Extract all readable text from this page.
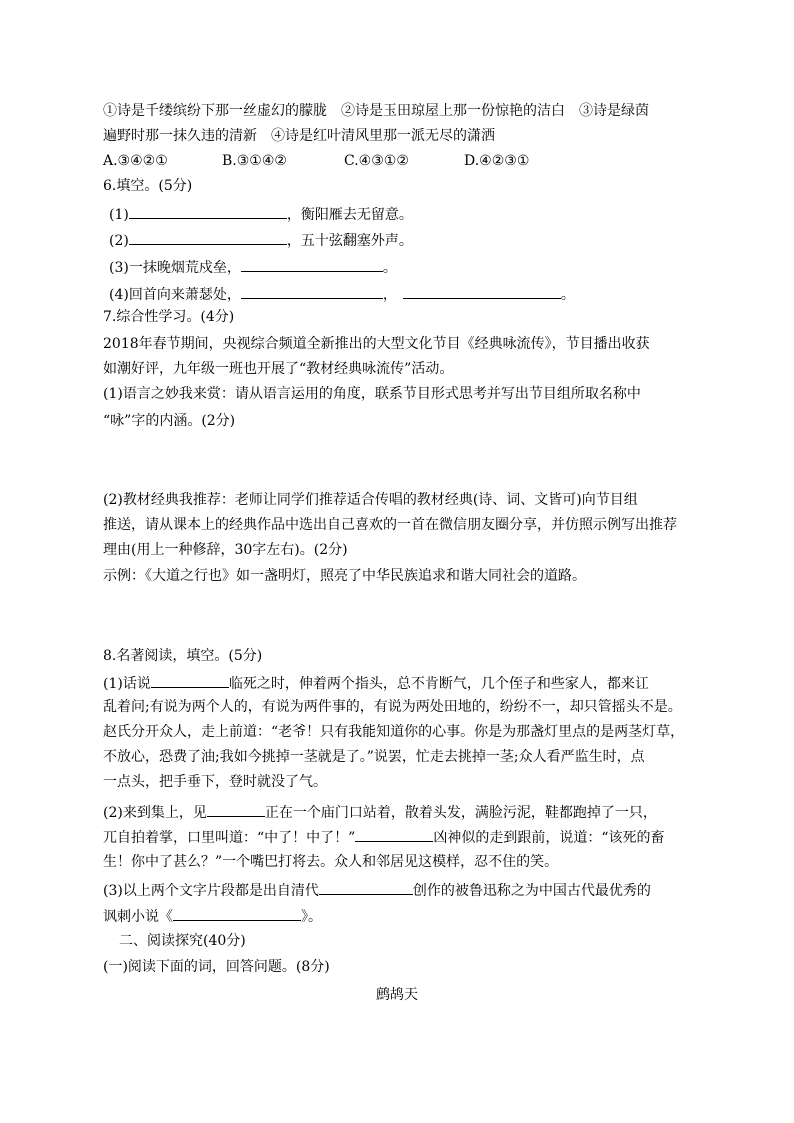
①诗是千缕缤纷下那一丝虚幻的朦胧　②诗是玉田琼屋上那一份惊艳的洁白　③诗是绿茵
遍野时那一抹久违的清新　④诗是红叶清风里那一派无尽的潇洒
A.③④②①	B.③①④②	C.④③①②	D.④②③①
6.填空。(5分)
(1)	，衡阳雁去无留意。
(2)	，五十弦翻塞外声。
(3)一抹晚烟荒戍垒，	。
(4)回首向来萧瑟处，	，	。
7.综合性学习。(4分)
2018年春节期间，央视综合频道全新推出的大型文化节目《经典咏流传》，节目播出收获
如潮好评，九年级一班也开展了“教材经典咏流传”活动。
(1)语言之妙我来赏：请从语言运用的角度，联系节目形式思考并写出节目组所取名称中
“咏”字的内涵。(2分)
(2)教材经典我推荐：老师让同学们推荐适合传唱的教材经典(诗、词、文皆可)向节目组
推送，请从课本上的经典作品中选出自己喜欢的一首在微信朋友圈分享，并仿照示例写出推荐
理由(用上一种修辞，30字左右)。(2分)
示例：《大道之行也》如一盏明灯，照亮了中华民族追求和谐大同社会的道路。
8.名著阅读，填空。(5分)
(1)话说	临死之时，伸着两个指头，总不肯断气，几个侄子和些家人，都来讧
乱着问;有说为两个人的，有说为两件事的，有说为两处田地的，纷纷不一，却只管摇头不是。
赵氏分开众人，走上前道：“老爷！只有我能知道你的心事。你是为那盏灯里点的是两茎灯草，
不放心，恐费了油;我如今挑掉一茎就是了。”说罢，忙走去挑掉一茎;众人看严监生时，点
一点头，把手垂下，登时就没了气。
(2)来到集上，见	正在一个庙门口站着，散着头发，满脸污泥，鞋都跑掉了一只，
兀自拍着掌，口里叫道：“中了！中了！”	凶神似的走到跟前，说道：“该死的畜
生！你中了甚么？”一个嘴巴打将去。众人和邻居见这模样，忍不住的笑。
(3)以上两个文字片段都是出自清代	创作的被鲁迅称之为中国古代最优秀的
讽刺小说《	》。
二、阅读探究(40分)
(一)阅读下面的词，回答问题。(8分)
鹧鸪天
